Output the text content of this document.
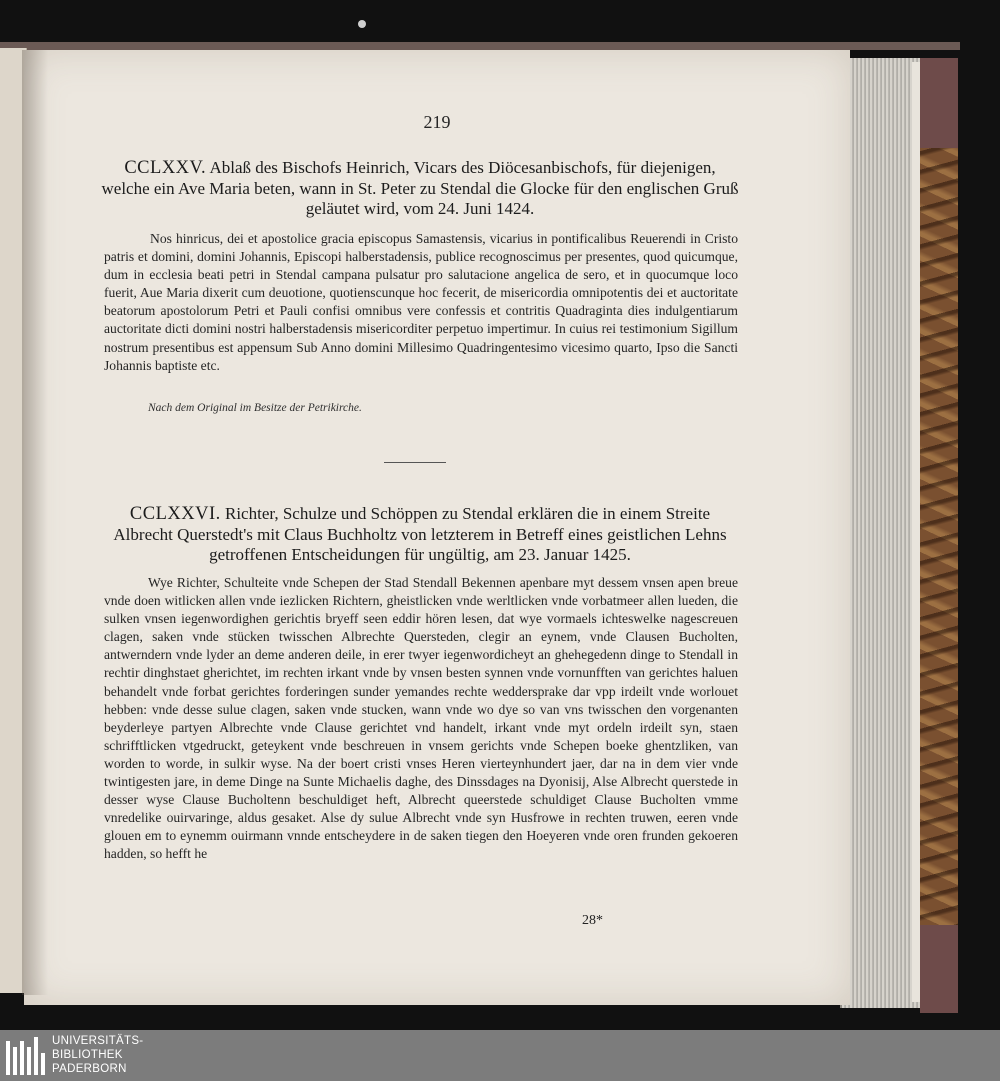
219
CCLXXV. Ablaß des Bischofs Heinrich, Vicars des Diöcesanbischofs, für diejenigen, welche ein Ave Maria beten, wann in St. Peter zu Stendal die Glocke für den englischen Gruß geläutet wird, vom 24. Juni 1424.
Nos hinricus, dei et apostolice gracia episcopus Samastensis, vicarius in pontificalibus Reuerendi in Cristo patris et domini, domini Johannis, Episcopi halberstadensis, publice recognoscimus per presentes, quod quicumque, dum in ecclesia beati petri in Stendal campana pulsatur pro salutacione angelica de sero, et in quocumque loco fuerit, Aue Maria dixerit cum deuotione, quotienscunque hoc fecerit, de misericordia omnipotentis dei et auctoritate beatorum apostolorum Petri et Pauli confisi omnibus vere confessis et contritis Quadraginta dies indulgentiarum auctoritate dicti domini nostri halberstadensis misericorditer perpetuo impertimur. In cuius rei testimonium Sigillum nostrum presentibus est appensum Sub Anno domini Millesimo Quadringentesimo vicesimo quarto, Ipso die Sancti Johannis baptiste etc.
Nach dem Original im Besitze der Petrikirche.
CCLXXVI. Richter, Schulze und Schöppen zu Stendal erklären die in einem Streite Albrecht Querstedt's mit Claus Buchholtz von letzterem in Betreff eines geistlichen Lehns getroffenen Entscheidungen für ungültig, am 23. Januar 1425.
Wye Richter, Schulteite vnde Schepen der Stad Stendall Bekennen apenbare myt dessem vnsen apen breue vnde doen witlicken allen vnde iezlicken Richtern, gheistlicken vnde werltlicken vnde vorbatmeer allen lueden, die sulken vnsen iegenwordighen gerichtis bryeff seen eddir hören lesen, dat wye vormaels ichteswelke nagescreuen clagen, saken vnde stücken twisschen Albrechte Quersteden, clegir an eynem, vnde Clausen Bucholten, antwerndern vnde lyder an deme anderen deile, in erer twyer iegenwordicheyt an ghehegedenn dinge to Stendall in rechtir dinghstaet gherichtet, im rechten irkant vnde by vnsen besten synnen vnde vornunfften van gerichtes haluen behandelt vnde forbat gerichtes forderingen sunder yemandes rechte weddersprake dar vpp irdeilt vnde worlouet hebben: vnde desse sulue clagen, saken vnde stucken, wann vnde wo dye so van vns twisschen den vorgenanten beyderleye partyen Albrechte vnde Clause gerichtet vnd handelt, irkant vnde myt ordeln irdeilt syn, staen schrifftlicken vtgedruckt, geteykent vnde beschreuen in vnsem gerichts vnde Schepen boeke ghentzliken, van worden to worde, in sulkir wyse. Na der boert cristi vnses Heren vierteynhundert jaer, dar na in dem vier vnde twintigesten jare, in deme Dinge na Sunte Michaelis daghe, des Dinssdages na Dyonisij, Alse Albrecht querstede in desser wyse Clause Bucholtenn beschuldiget heft, Albrecht queerstede schuldiget Clause Bucholten vmme vnredelike ouirvaringe, aldus gesaket. Alse dy sulue Albrecht vnde syn Husfrowe in rechten truwen, eeren vnde glouen em to eynemm ouirmann vnnde entscheydere in de saken tiegen den Hoeyeren vnde oren frunden gekoeren hadden, so hefft he
28*
UNIVERSITÄTS-
BIBLIOTHEK
PADERBORN
